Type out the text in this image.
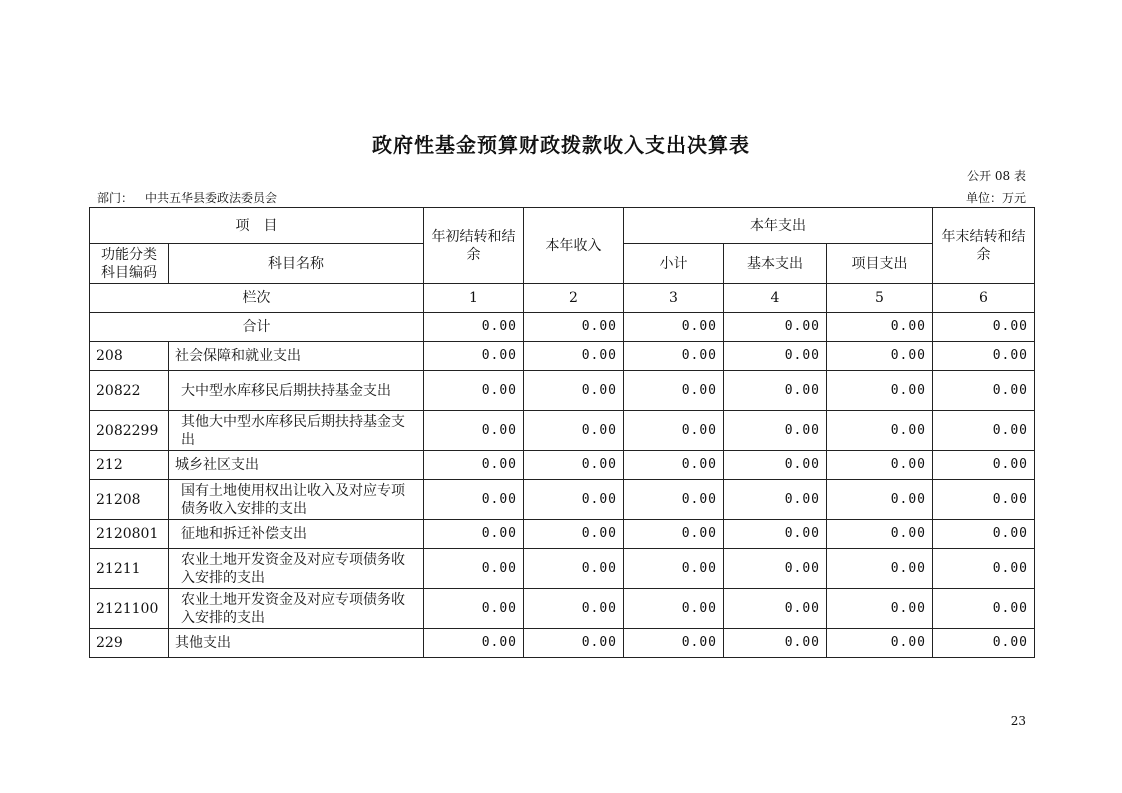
政府性基金预算财政拨款收入支出决算表
公开 08 表
部门： 中共五华县委政法委员会	单位：万元
项　目		年初结转和结余	本年收入	本年支出			年末结转和结余
功能分类科目编码	科目名称			小计	基本支出	项目支出	
栏次		1	2	3	4	5	6
合计		0.00	0.00	0.00	0.00	0.00	0.00
208	社会保障和就业支出	0.00	0.00	0.00	0.00	0.00	0.00
20822	大中型水库移民后期扶持基金支出	0.00	0.00	0.00	0.00	0.00	0.00
2082299	其他大中型水库移民后期扶持基金支出	0.00	0.00	0.00	0.00	0.00	0.00
212	城乡社区支出	0.00	0.00	0.00	0.00	0.00	0.00
21208	国有土地使用权出让收入及对应专项债务收入安排的支出	0.00	0.00	0.00	0.00	0.00	0.00
2120801	征地和拆迁补偿支出	0.00	0.00	0.00	0.00	0.00	0.00
21211	农业土地开发资金及对应专项债务收入安排的支出	0.00	0.00	0.00	0.00	0.00	0.00
2121100	农业土地开发资金及对应专项债务收入安排的支出	0.00	0.00	0.00	0.00	0.00	0.00
229	其他支出	0.00	0.00	0.00	0.00	0.00	0.00
23
